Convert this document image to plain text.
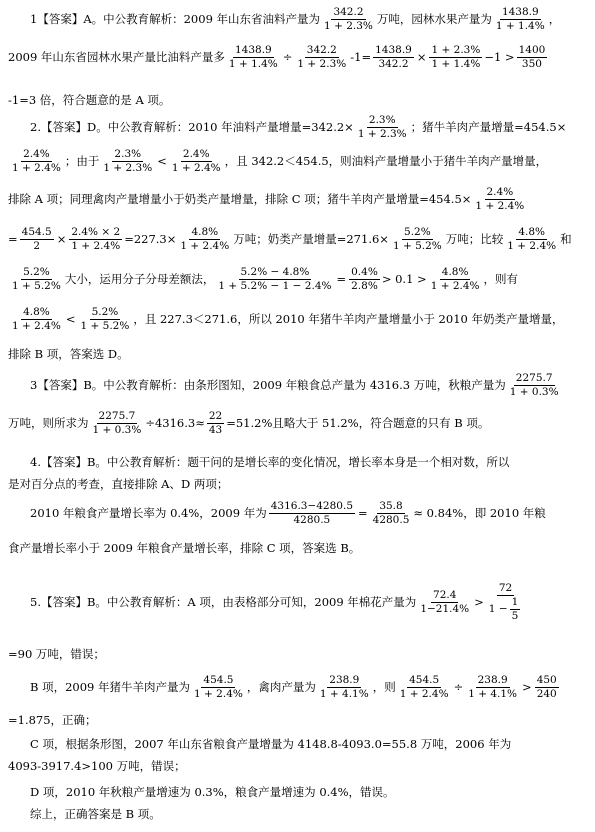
1【答案】A。中公教育解析：2009 年山东省油料产量为
342.2
1 + 2.3%
万吨，园林水果产量为
1438.9
1 + 1.4%
，
2009 年山东省园林水果产量比油料产量多 $\frac{1438.9}{1 + 1.4\%} \div \frac{342.2}{1 + 2.3\%} -1= \frac{1438.9}{342.2} \times \frac{1 + 2.3\%}{1 + 1.4\%} -1$ >
1400
350
-1=3 倍，符合题意的是 A 项。
2.【答案】D。中公教育解析：2010 年油料产量增量$=342.2\times \frac{2.3\%}{1 + 2.3\%}$ ；猪牛羊肉产量增量=454.5×
2.4%
1 + 2.4%
；由于
2.3%
1 + 2.3%
<
2.4%
1 + 2.4%
，且 342.2＜454.5，则油料产量增量小于猪牛羊肉产量增量，
排除 A 项；同理禽肉产量增量小于奶类产量增量，排除 C 项；猪牛羊肉产量增量$=454.5\times \frac{2.4\%}{1 + 2.4\%}$
= $\frac{454.5}{2} \times \frac{2.4\% \times 2}{1 + 2.4\%} =227.3\times \frac{4.8\%}{1 + 2.4\%}$ 万吨；奶类产量增量$=271.6\times \frac{5.2\%}{1 + 5.2\%}$ 万吨；比较
4.8%
1 + 2.4%
和
5.2%
1 + 5.2%
大小，运用分子分母差额法， $\frac{5.2\% - 4.8\%}{1 + 5.2\% - 1 - 2.4\%} = \frac{0.4\%}{2.8\%} > 0.1$ >
4.8%
1 + 2.4%
，则有
4.8%
1 + 2.4%
<
5.2%
1 + 5.2%
，且 227.3＜271.6，所以 2010 年猪牛羊肉产量增量小于 2010 年奶类产量增量，
排除 B 项，答案选 D。
3【答案】B。中公教育解析：由条形图知，2009 年粮食总产量为 4316.3 万吨，秋粮产量为
2275.7
1 + 0.3%
万吨，则所求为 $\frac{2275.7}{1 + 0.3\%} \div 4316.3\approx \frac{22}{43} =51.2\%$且略大于 51.2%，符合题意的只有 B 项。
4.【答案】B。中公教育解析：题干问的是增长率的变化情况，增长率本身是一个相对数，所以
是对百分点的考查，直接排除 A、D 两项；
2010 年粮食产量增长率为 0.4%，2009 年为 $\frac{4316.3-4280.5}{4280.5} = \frac{35.8}{4280.5} \approx 0.84\%$，即 2010 年粮
食产量增长率小于 2009 年粮食产量增长率，排除 C 项，答案选 B。
5.【答案】B。中公教育解析：A 项，由表格部分可知，2009 年棉花产量为
72.4
1−21.4%
>
72
$1 - \frac{1}{5}$
=90 万吨，错误；
B 项，2009 年猪牛羊肉产量为
454.5
1 + 2.4%
，禽肉产量为
238.9
1 + 4.1%
，则 $\frac{454.5}{1 + 2.4\%} \div \frac{238.9}{1 + 4.1\%}$ >
450
240
=1.875，正确；
C 项，根据条形图，2007 年山东省粮食产量增量为 4148.8-4093.0=55.8 万吨，2006 年为
4093-3917.4>100 万吨，错误；
D 项，2010 年秋粮产量增速为 0.3%，粮食产量增速为 0.4%，错误。
综上，正确答案是 B 项。
